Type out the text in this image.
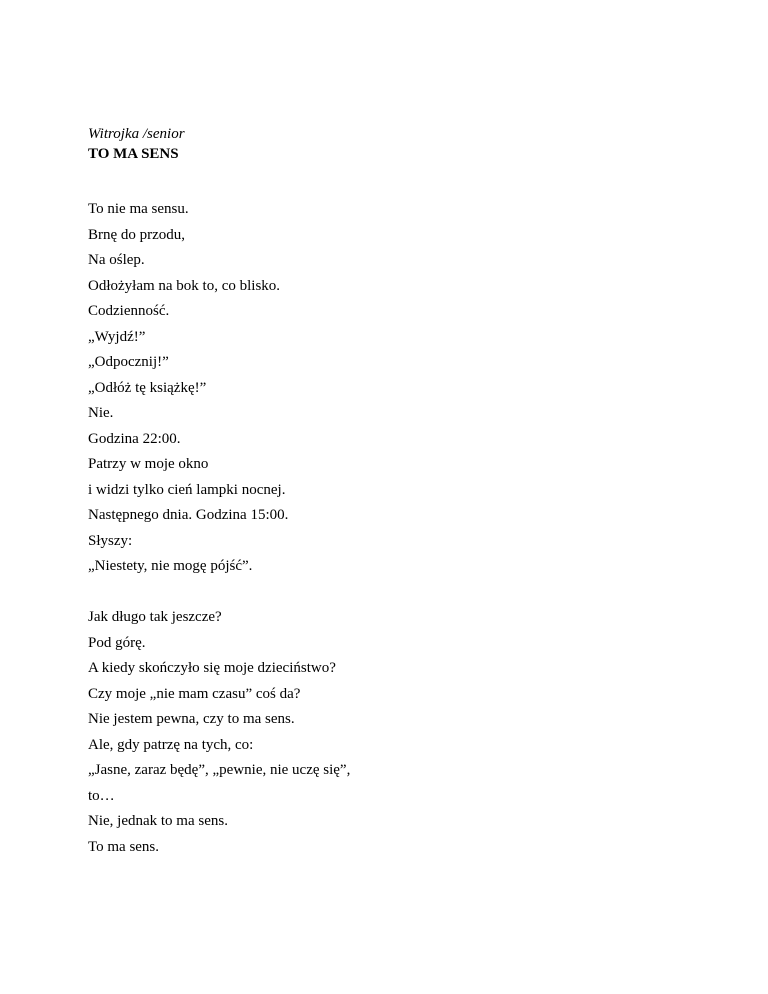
Witrojka /senior

TO MA SENS

To nie ma sensu.

Brnę do przodu,

Na oślep.

Odłożyłam na bok to, co blisko.

Codzienność.

„Wyjdź!”

„Odpocznij!”

„Odłóż tę książkę!”

Nie.

Godzina 22:00.

Patrzy w moje okno

i widzi tylko cień lampki nocnej.

Następnego dnia. Godzina 15:00.

Słyszy:

„Niestety, nie mogę pójść”.

Jak długo tak jeszcze?

Pod górę.

A kiedy skończyło się moje dzieciństwo?

Czy moje „nie mam czasu” coś da?

Nie jestem pewna, czy to ma sens.

Ale, gdy patrzę na tych, co:

„Jasne, zaraz będę”, „pewnie, nie uczę się”,

to…

Nie, jednak to ma sens.

To ma sens.
